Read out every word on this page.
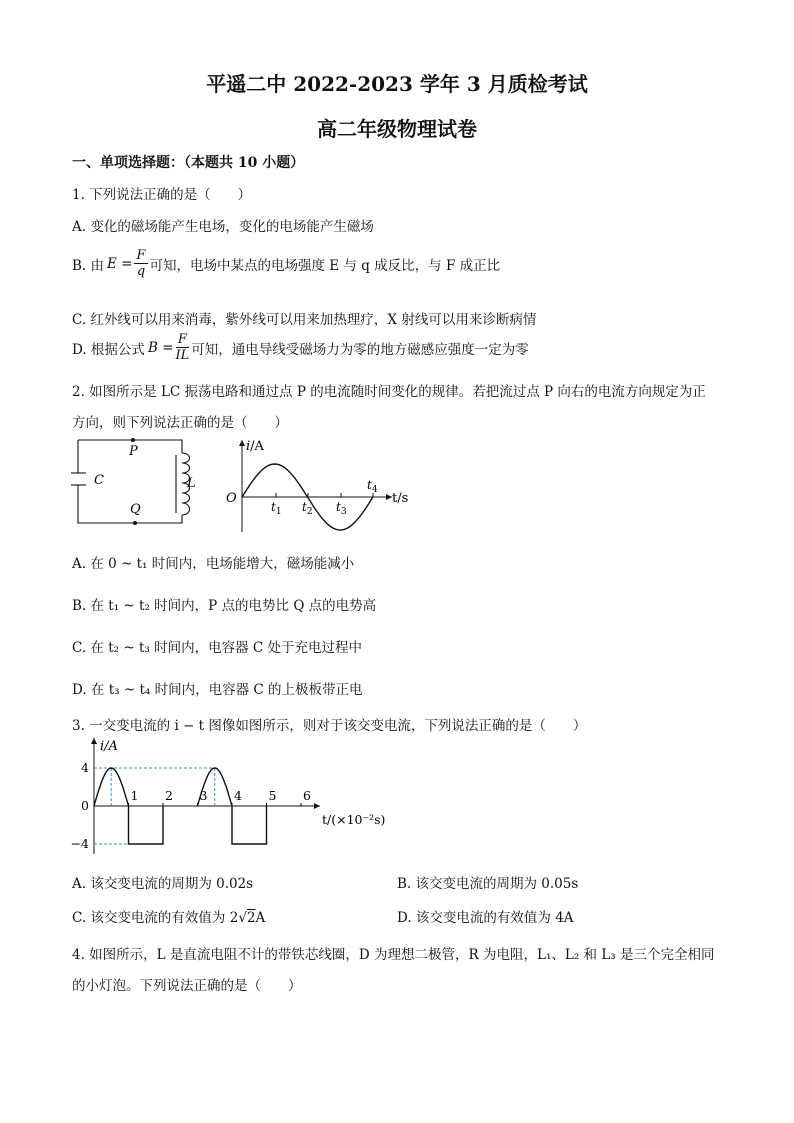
平遥二中 2022-2023 学年 3 月质检考试
高二年级物理试卷
一、单项选择题：（本题共 10 小题）
1. 下列说法正确的是（　　）
A. 变化的磁场能产生电场，变化的电场能产生磁场
B. 由 $E = \frac{F}{q}$ 可知，电场中某点的电场强度 E 与 q 成反比，与 F 成正比
C. 红外线可以用来消毒，紫外线可以用来加热理疗，X 射线可以用来诊断病情
D. 根据公式 $B = \frac{F}{IL}$ 可知，通电导线受磁场力为零的地方磁感应强度一定为零
2. 如图所示是 LC 振荡电路和通过点 P 的电流随时间变化的规律。若把流过点 P 向右的电流方向规定为正
方向，则下列说法正确的是（　　）
P
Q
C	L
i/A
O	t/s
$t_1$ $t_2$ $t_3$
$t_4$
A. 在 0 ~ t₁ 时间内，电场能增大，磁场能减小
B. 在 t₁ ~ t₂ 时间内，P 点的电势比 Q 点的电势高
C. 在 t₂ ~ t₃ 时间内，电容器 C 处于充电过程中
D. 在 t₃ ~ t₄ 时间内，电容器 C 的上极板带正电
3. 一交变电流的 i − t 图像如图所示，则对于该交变电流，下列说法正确的是（　　）
1 2 3 4 5 6
4
0
−4
i/A
t/(×10⁻²s)
A. 该交变电流的周期为 0.02s	B. 该交变电流的周期为 0.05s
C. 该交变电流的有效值为 2√2A	D. 该交变电流的有效值为 4A
4. 如图所示，L 是直流电阻不计的带铁芯线圈，D 为理想二极管，R 为电阻，L₁、L₂ 和 L₃ 是三个完全相同
的小灯泡。下列说法正确的是（　　）
